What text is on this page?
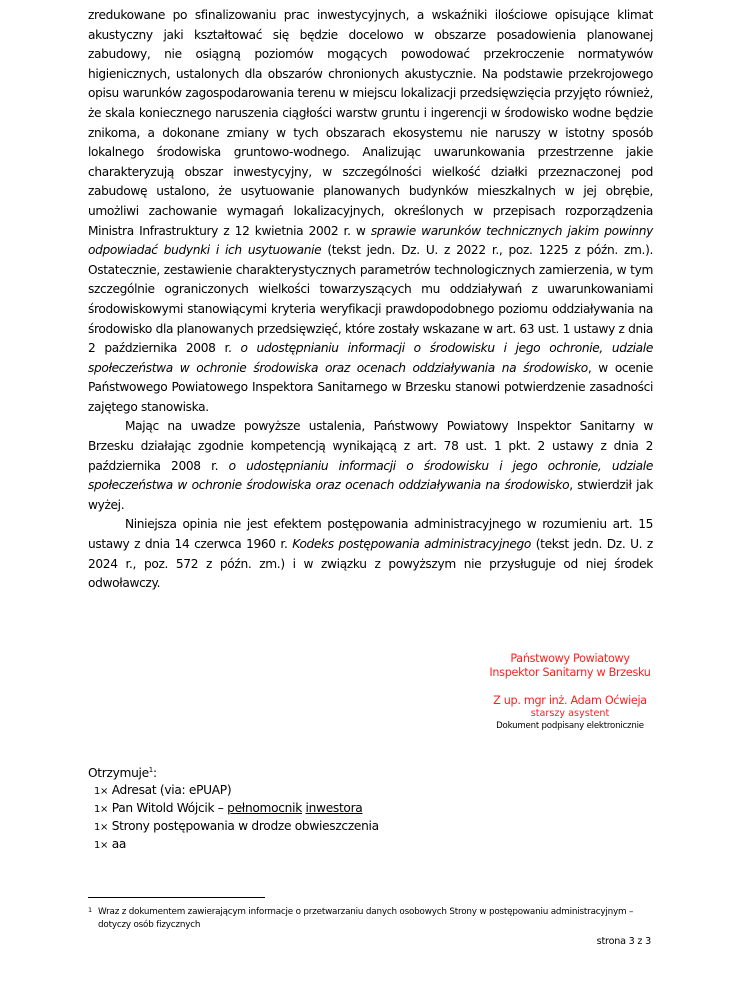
zredukowane po sfinalizowaniu prac inwestycyjnych, a wskaźniki ilościowe opisujące klimat akustyczny jaki kształtować się będzie docelowo w obszarze posadowienia planowanej zabudowy, nie osiągną poziomów mogących powodować przekroczenie normatywów higienicznych, ustalonych dla obszarów chronionych akustycznie. Na podstawie przekrojowego opisu warunków zagospodarowania terenu w miejscu lokalizacji przedsięwzięcia przyjęto również, że skala koniecznego naruszenia ciągłości warstw gruntu i ingerencji w środowisko wodne będzie znikoma, a dokonane zmiany w tych obszarach ekosystemu nie naruszy w istotny sposób lokalnego środowiska gruntowo-wodnego. Analizując uwarunkowania przestrzenne jakie charakteryzują obszar inwestycyjny, w szczególności wielkość działki przeznaczonej pod zabudowę ustalono, że usytuowanie planowanych budynków mieszkalnych w jej obrębie, umożliwi zachowanie wymagań lokalizacyjnych, określonych w przepisach rozporządzenia Ministra Infrastruktury z 12 kwietnia 2002 r. w sprawie warunków technicznych jakim powinny odpowiadać budynki i ich usytuowanie (tekst jedn. Dz. U. z 2022 r., poz. 1225 z późn. zm.). Ostatecznie, zestawienie charakterystycznych parametrów technologicznych zamierzenia, w tym szczególnie ograniczonych wielkości towarzyszących mu oddziaływań z uwarunkowaniami środowiskowymi stanowiącymi kryteria weryfikacji prawdopodobnego poziomu oddziaływania na środowisko dla planowanych przedsięwzięć, które zostały wskazane w art. 63 ust. 1 ustawy z dnia 2 października 2008 r. o udostępnianiu informacji o środowisku i jego ochronie, udziale społeczeństwa w ochronie środowiska oraz ocenach oddziaływania na środowisko, w ocenie Państwowego Powiatowego Inspektora Sanitarnego w Brzesku stanowi potwierdzenie zasadności zajętego stanowiska.

Mając na uwadze powyższe ustalenia, Państwowy Powiatowy Inspektor Sanitarny w Brzesku działając zgodnie kompetencją wynikającą z art. 78 ust. 1 pkt. 2 ustawy z dnia 2 października 2008 r. o udostępnianiu informacji o środowisku i jego ochronie, udziale społeczeństwa w ochronie środowiska oraz ocenach oddziaływania na środowisko, stwierdził jak wyżej.

Niniejsza opinia nie jest efektem postępowania administracyjnego w rozumieniu art. 15 ustawy z dnia 14 czerwca 1960 r. Kodeks postępowania administracyjnego (tekst jedn. Dz. U. z 2024 r., poz. 572 z późn. zm.) i w związku z powyższym nie przysługuje od niej środek odwoławczy.

Państwowy Powiatowy
Inspektor Sanitarny w Brzesku
Z up. mgr inż. Adam Oćwieja
starszy asystent
Dokument podpisany elektronicznie
Otrzymuje$^1$:
1× Adresat (via: ePUAP)
1× Pan Witold Wójcik – pełnomocnik inwestora
1× Strony postępowania w drodze obwieszczenia
1× aa
1 Wraz z dokumentem zawierającym informacje o przetwarzaniu danych osobowych Strony w postępowaniu administracyjnym – dotyczy osób fizycznych
strona 3 z 3
